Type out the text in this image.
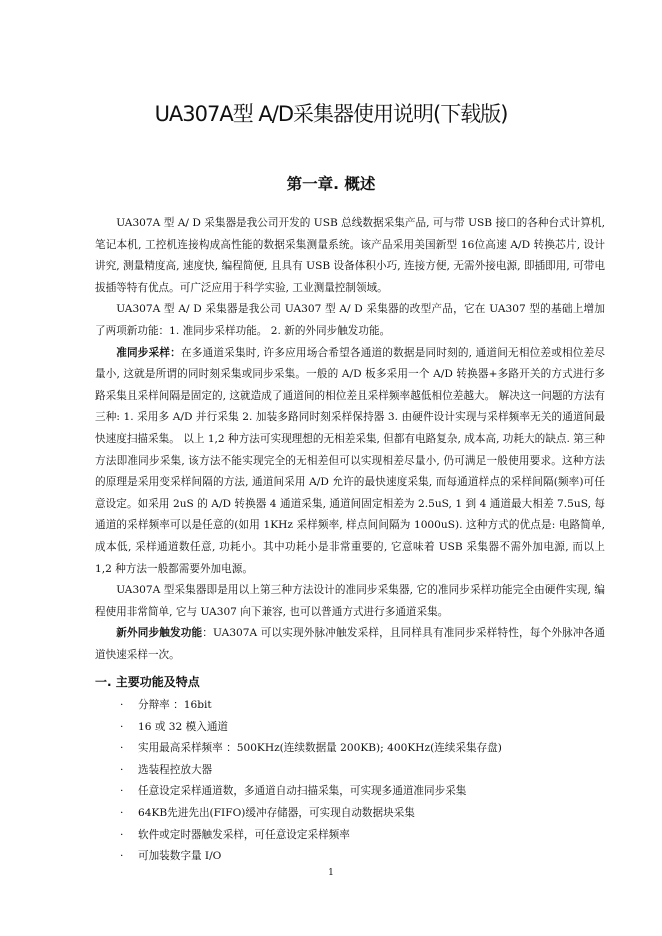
UA307A型 A/D采集器使用说明(下载版)
第一章. 概述

UA307A 型 A/ D 采集器是我公司开发的 USB 总线数据采集产品, 可与带 USB 接口的各种台式计算机, 笔记本机, 工控机连接构成高性能的数据采集测量系统。该产品采用美国新型 16位高速 A/D 转换芯片, 设计讲究, 测量精度高, 速度快, 编程简便, 且具有 USB 设备体积小巧, 连接方便, 无需外接电源, 即插即用, 可带电拔插等特有优点。可广泛应用于科学实验, 工业测量控制领域。

UA307A 型 A/ D 采集器是我公司 UA307 型 A/ D 采集器的改型产品，它在 UA307 型的基础上增加了两项新功能：1. 准同步采样功能。 2. 新的外同步触发功能。

准同步采样：在多通道采集时, 许多应用场合希望各通道的数据是同时刻的, 通道间无相位差或相位差尽量小, 这就是所谓的同时刻采集或同步采集。一般的 A/D 板多采用一个 A/D 转换器+多路开关的方式进行多路采集且采样间隔是固定的, 这就造成了通道间的相位差且采样频率越低相位差越大。 解决这一问题的方法有三种: 1. 采用多 A/D 并行采集 2. 加装多路同时刻采样保持器 3. 由硬件设计实现与采样频率无关的通道间最快速度扫描采集。 以上 1,2 种方法可实现理想的无相差采集, 但都有电路复杂, 成本高, 功耗大的缺点. 第三种方法即准同步采集, 该方法不能实现完全的无相差但可以实现相差尽量小, 仍可满足一般使用要求。这种方法的原理是采用变采样间隔的方法, 通道间采用 A/D 允许的最快速度采集, 而每通道样点的采样间隔(频率)可任意设定。如采用 2uS 的 A/D 转换器 4 通道采集, 通道间固定相差为 2.5uS, 1 到 4 通道最大相差 7.5uS, 每通道的采样频率可以是任意的(如用 1KHz 采样频率, 样点间间隔为 1000uS). 这种方式的优点是: 电路简单, 成本低, 采样通道数任意, 功耗小。其中功耗小是非常重要的, 它意味着 USB 采集器不需外加电源, 而以上 1,2 种方法一般都需要外加电源。

UA307A 型采集器即是用以上第三种方法设计的准同步采集器, 它的准同步采样功能完全由硬件实现, 编程使用非常简单, 它与 UA307 向下兼容, 也可以普通方式进行多通道采集。

新外同步触发功能：UA307A 可以实现外脉冲触发采样，且同样具有准同步采样特性，每个外脉冲各通道快速采样一次。

一. 主要功能及特点
· 分辩率 ：16bit
· 16 或 32 模入通道
· 实用最高采样频率 ：500KHz(连续数据量 200KB); 400KHz(连续采集存盘)
· 选装程控放大器
· 任意设定采样通道数，多通道自动扫描采集，可实现多通道准同步采集
· 64KB先进先出(FIFO)缓冲存储器，可实现自动数据块采集
· 软件或定时器触发采样，可任意设定采样频率
· 可加装数字量 I/O
1
